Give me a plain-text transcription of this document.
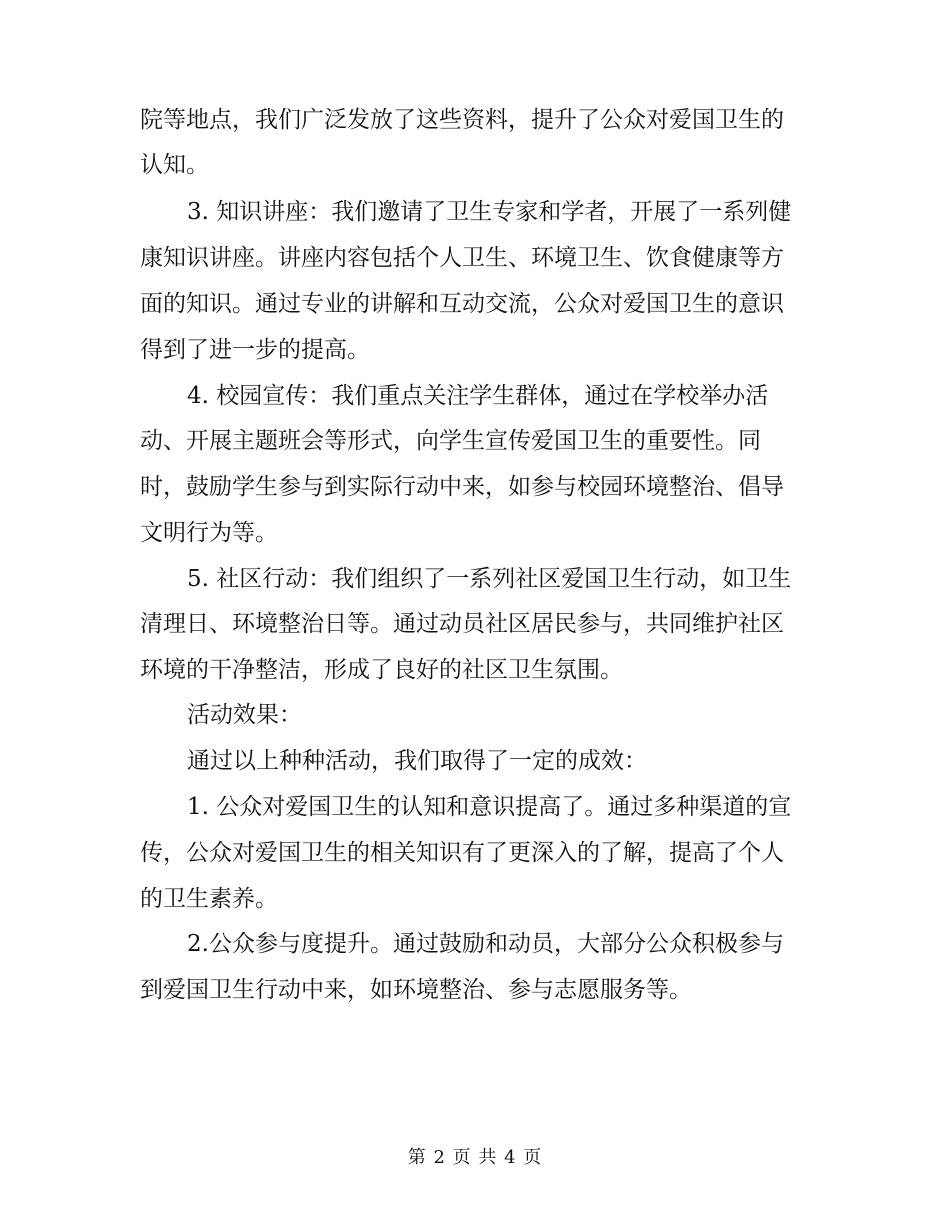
院等地点，我们广泛发放了这些资料，提升了公众对爱国卫生的
认知。
3. 知识讲座：我们邀请了卫生专家和学者，开展了一系列健
康知识讲座。讲座内容包括个人卫生、环境卫生、饮食健康等方
面的知识。通过专业的讲解和互动交流，公众对爱国卫生的意识
得到了进一步的提高。
4. 校园宣传：我们重点关注学生群体，通过在学校举办活
动、开展主题班会等形式，向学生宣传爱国卫生的重要性。同
时，鼓励学生参与到实际行动中来，如参与校园环境整治、倡导
文明行为等。
5. 社区行动：我们组织了一系列社区爱国卫生行动，如卫生
清理日、环境整治日等。通过动员社区居民参与，共同维护社区
环境的干净整洁，形成了良好的社区卫生氛围。
活动效果：
通过以上种种活动，我们取得了一定的成效：
1. 公众对爱国卫生的认知和意识提高了。通过多种渠道的宣
传，公众对爱国卫生的相关知识有了更深入的了解，提高了个人
的卫生素养。
2.公众参与度提升。通过鼓励和动员，大部分公众积极参与
到爱国卫生行动中来，如环境整治、参与志愿服务等。
第 2 页 共 4 页
